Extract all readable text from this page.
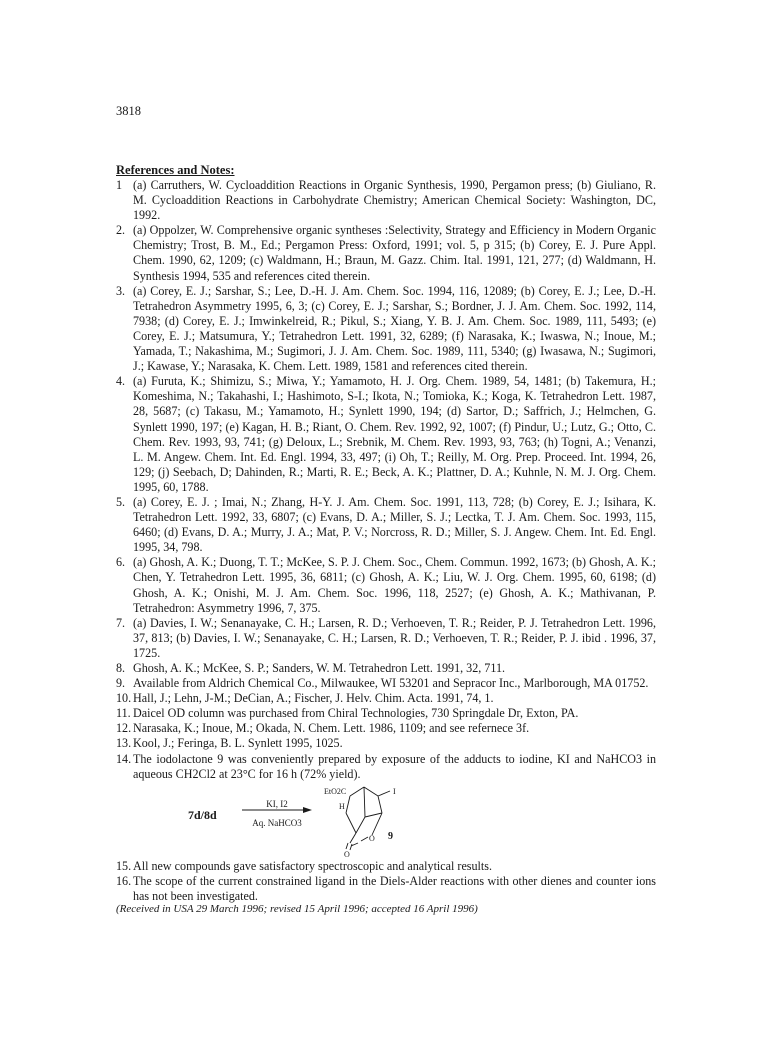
3818
References and Notes:
1 (a) Carruthers, W. Cycloaddition Reactions in Organic Synthesis, 1990, Pergamon press; (b) Giuliano, R. M. Cycloaddition Reactions in Carbohydrate Chemistry; American Chemical Society: Washington, DC, 1992.
2. (a) Oppolzer, W. Comprehensive organic syntheses :Selectivity, Strategy and Efficiency in Modern Organic Chemistry; Trost, B. M., Ed.; Pergamon Press: Oxford, 1991; vol. 5, p 315; (b) Corey, E. J. Pure Appl. Chem. 1990, 62, 1209; (c) Waldmann, H.; Braun, M. Gazz. Chim. Ital. 1991, 121, 277; (d) Waldmann, H. Synthesis 1994, 535 and references cited therein.
3. (a) Corey, E. J.; Sarshar, S.; Lee, D.-H. J. Am. Chem. Soc. 1994, 116, 12089; (b) Corey, E. J.; Lee, D.-H. Tetrahedron Asymmetry 1995, 6, 3; (c) Corey, E. J.; Sarshar, S.; Bordner, J. J. Am. Chem. Soc. 1992, 114, 7938; (d) Corey, E. J.; Imwinkelreid, R.; Pikul, S.; Xiang, Y. B. J. Am. Chem. Soc. 1989, 111, 5493; (e) Corey, E. J.; Matsumura, Y.; Tetrahedron Lett. 1991, 32, 6289; (f) Narasaka, K.; Iwaswa, N.; Inoue, M.; Yamada, T.; Nakashima, M.; Sugimori, J. J. Am. Chem. Soc. 1989, 111, 5340; (g) Iwasawa, N.; Sugimori, J.; Kawase, Y.; Narasaka, K. Chem. Lett. 1989, 1581 and references cited therein.
4. (a) Furuta, K.; Shimizu, S.; Miwa, Y.; Yamamoto, H. J. Org. Chem. 1989, 54, 1481; (b) Takemura, H.; Komeshima, N.; Takahashi, I.; Hashimoto, S-I.; Ikota, N.; Tomioka, K.; Koga, K. Tetrahedron Lett. 1987, 28, 5687; (c) Takasu, M.; Yamamoto, H.; Synlett 1990, 194; (d) Sartor, D.; Saffrich, J.; Helmchen, G. Synlett 1990, 197; (e) Kagan, H. B.; Riant, O. Chem. Rev. 1992, 92, 1007; (f) Pindur, U.; Lutz, G.; Otto, C. Chem. Rev. 1993, 93, 741; (g) Deloux, L.; Srebnik, M. Chem. Rev. 1993, 93, 763; (h) Togni, A.; Venanzi, L. M. Angew. Chem. Int. Ed. Engl. 1994, 33, 497; (i) Oh, T.; Reilly, M. Org. Prep. Proceed. Int. 1994, 26, 129; (j) Seebach, D; Dahinden, R.; Marti, R. E.; Beck, A. K.; Plattner, D. A.; Kuhnle, N. M. J. Org. Chem. 1995, 60, 1788.
5. (a) Corey, E. J. ; Imai, N.; Zhang, H-Y. J. Am. Chem. Soc. 1991, 113, 728; (b) Corey, E. J.; Isihara, K. Tetrahedron Lett. 1992, 33, 6807; (c) Evans, D. A.; Miller, S. J.; Lectka, T. J. Am. Chem. Soc. 1993, 115, 6460; (d) Evans, D. A.; Murry, J. A.; Mat, P. V.; Norcross, R. D.; Miller, S. J. Angew. Chem. Int. Ed. Engl. 1995, 34, 798.
6. (a) Ghosh, A. K.; Duong, T. T.; McKee, S. P. J. Chem. Soc., Chem. Commun. 1992, 1673; (b) Ghosh, A. K.; Chen, Y. Tetrahedron Lett. 1995, 36, 6811; (c) Ghosh, A. K.; Liu, W. J. Org. Chem. 1995, 60, 6198; (d) Ghosh, A. K.; Onishi, M. J. Am. Chem. Soc. 1996, 118, 2527; (e) Ghosh, A. K.; Mathivanan, P. Tetrahedron: Asymmetry 1996, 7, 375.
7. (a) Davies, I. W.; Senanayake, C. H.; Larsen, R. D.; Verhoeven, T. R.; Reider, P. J. Tetrahedron Lett. 1996, 37, 813; (b) Davies, I. W.; Senanayake, C. H.; Larsen, R. D.; Verhoeven, T. R.; Reider, P. J. ibid . 1996, 37, 1725.
8. Ghosh, A. K.; McKee, S. P.; Sanders, W. M. Tetrahedron Lett. 1991, 32, 711.
9. Available from Aldrich Chemical Co., Milwaukee, WI 53201 and Sepracor Inc., Marlborough, MA 01752.
10. Hall, J.; Lehn, J-M.; DeCian, A.; Fischer, J. Helv. Chim. Acta. 1991, 74, 1.
11. Daicel OD column was purchased from Chiral Technologies, 730 Springdale Dr, Exton, PA.
12. Narasaka, K.; Inoue, M.; Okada, N. Chem. Lett. 1986, 1109; and see refernece 3f.
13. Kool, J.; Feringa, B. L. Synlett 1995, 1025.
14. The iodolactone 9 was conveniently prepared by exposure of the adducts to iodine, KI and NaHCO3 in aqueous CH2Cl2 at 23°C for 16 h (72% yield).
7d/8d
KI, I2
Aq. NaHCO3
EtO2C
H
I
O
O
9
15. All new compounds gave satisfactory spectroscopic and analytical results.
16. The scope of the current constrained ligand in the Diels-Alder reactions with other dienes and counter ions has not been investigated.
(Received in USA 29 March 1996; revised 15 April 1996; accepted 16 April 1996)
